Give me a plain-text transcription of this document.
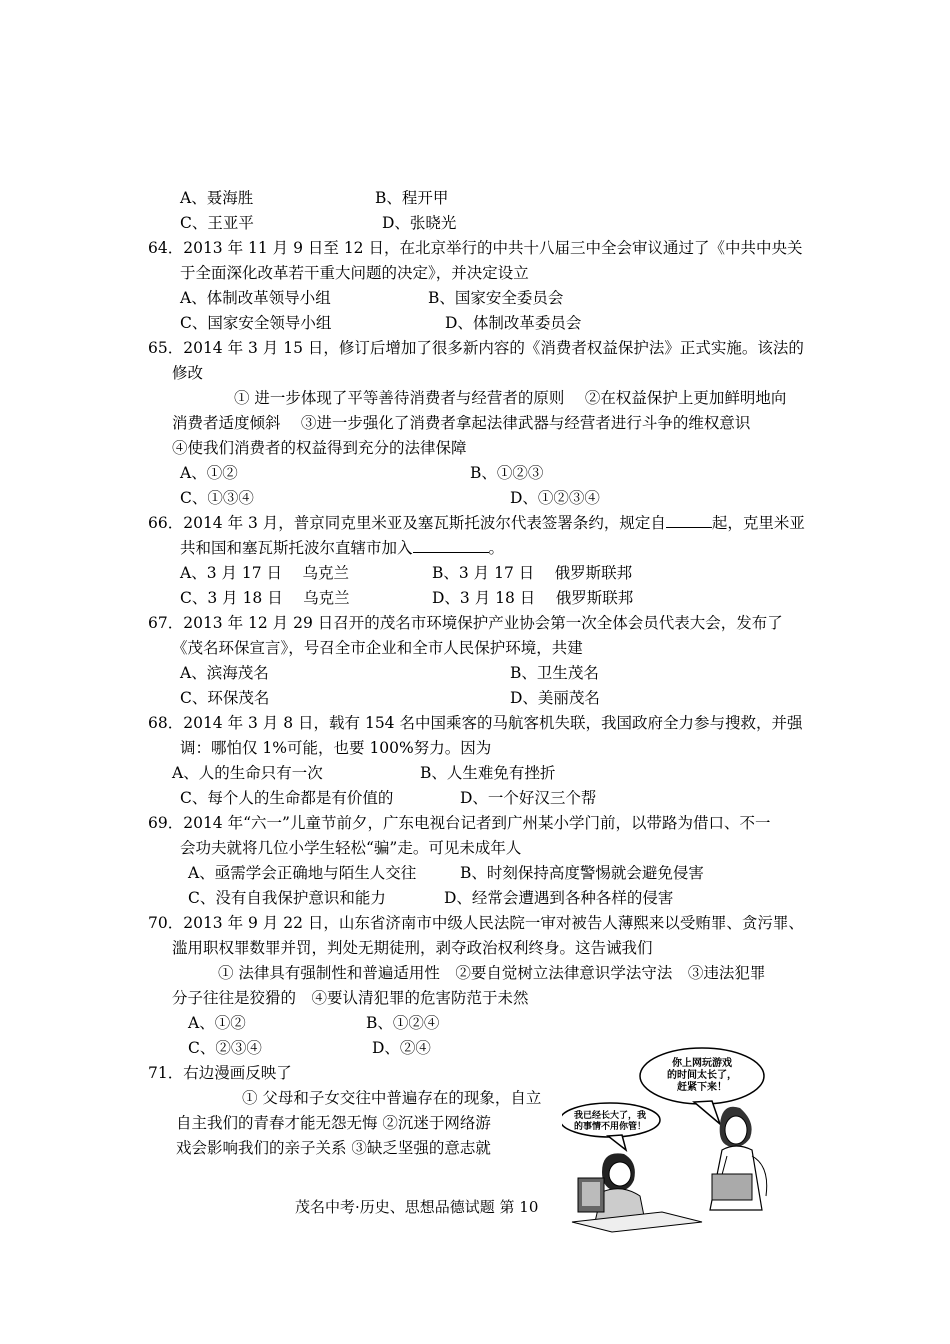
A、聂海胜	B、程开甲
C、王亚平	D、张晓光
64．2013 年 11 月 9 日至 12 日，在北京举行的中共十八届三中全会审议通过了《中共中央关
于全面深化改革若干重大问题的决定》，并决定设立
A、体制改革领导小组	B、国家安全委员会
C、国家安全领导小组	D、体制改革委员会
65．2014 年 3 月 15 日，修订后增加了很多新内容的《消费者权益保护法》正式实施。该法的
修改
① 进一步体现了平等善待消费者与经营者的原则　 ②在权益保护上更加鲜明地向
消费者适度倾斜　 ③进一步强化了消费者拿起法律武器与经营者进行斗争的维权意识
④使我们消费者的权益得到充分的法律保障
A、①②	B、①②③
C、①③④	D、①②③④
66．2014 年 3 月，普京同克里米亚及塞瓦斯托波尔代表签署条约，规定自	起，克里米亚
共和国和塞瓦斯托波尔直辖市加入	。
A、3 月 17 日　 乌克兰	B、3 月 17 日　 俄罗斯联邦
C、3 月 18 日　 乌克兰	D、3 月 18 日　 俄罗斯联邦
67．2013 年 12 月 29 日召开的茂名市环境保护产业协会第一次全体会员代表大会，发布了
《茂名环保宣言》，号召全市企业和全市人民保护环境，共建
A、滨海茂名	B、卫生茂名
C、环保茂名	D、美丽茂名
68．2014 年 3 月 8 日，载有 154 名中国乘客的马航客机失联，我国政府全力参与搜救，并强
调：哪怕仅 1%可能，也要 100%努力。因为
A、人的生命只有一次	B、人生难免有挫折
C、每个人的生命都是有价值的	D、一个好汉三个帮
69．2014 年“六一”儿童节前夕，广东电视台记者到广州某小学门前，以带路为借口、不一
会功夫就将几位小学生轻松“骗”走。可见未成年人
A、亟需学会正确地与陌生人交往	B、时刻保持高度警惕就会避免侵害
C、没有自我保护意识和能力	D、经常会遭遇到各种各样的侵害
70．2013 年 9 月 22 日，山东省济南市中级人民法院一审对被告人薄熙来以受贿罪、贪污罪、
滥用职权罪数罪并罚，判处无期徒刑，剥夺政治权利终身。这告诫我们
① 法律具有强制性和普遍适用性　②要自觉树立法律意识学法守法　③违法犯罪
分子往往是狡猾的　④要认清犯罪的危害防范于未然
A、①②	B、①②④
C、②③④	D、②④
71．右边漫画反映了
① 父母和子女交往中普遍存在的现象，自立
自主我们的青春才能无怨无悔 ②沉迷于网络游
戏会影响我们的亲子关系 ③缺乏坚强的意志就
你上网玩游戏
的时间太长了，
赶紧下来！
我已经长大了，我
的事情不用你管！
茂名中考·历史、思想品德试题 第 10
